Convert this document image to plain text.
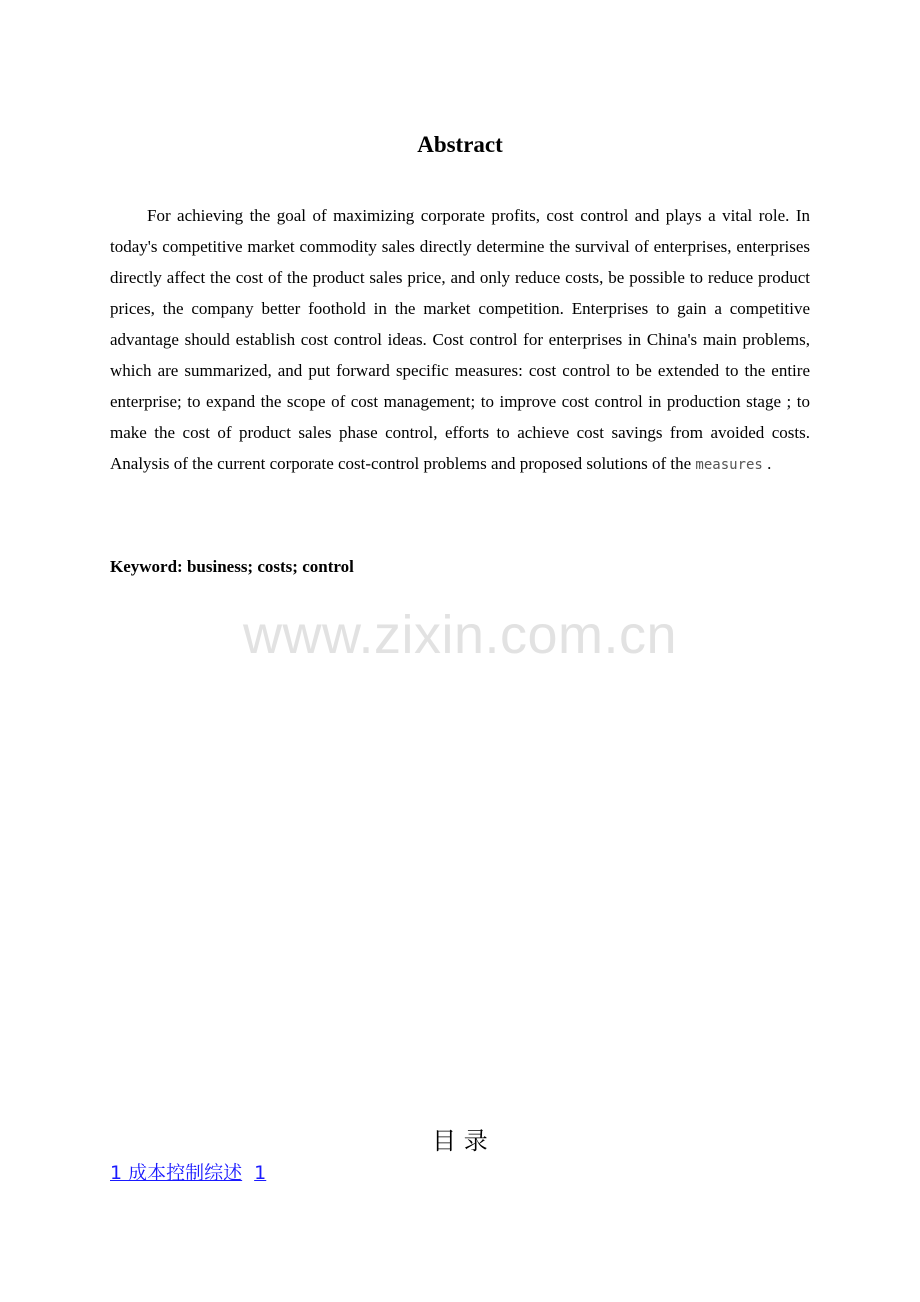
Abstract

For achieving the goal of maximizing corporate profits, cost control and plays a vital role. In today's competitive market commodity sales directly determine the survival of enterprises, enterprises directly affect the cost of the product sales price, and only reduce costs, be possible to reduce product prices, the company better foothold in the market competition. Enterprises to gain a competitive advantage should establish cost control ideas. Cost control for enterprises in China's main problems, which are summarized, and put forward specific measures: cost control to be extended to the entire enterprise; to expand the scope of cost management; to improve cost control in production stage ; to make the cost of product sales phase control, efforts to achieve cost savings from avoided costs. Analysis of the current corporate cost-control problems and proposed solutions of the measures .

Keyword: business; costs; control

www.zixin.com.cn
目 录
1 成本控制综述 1
